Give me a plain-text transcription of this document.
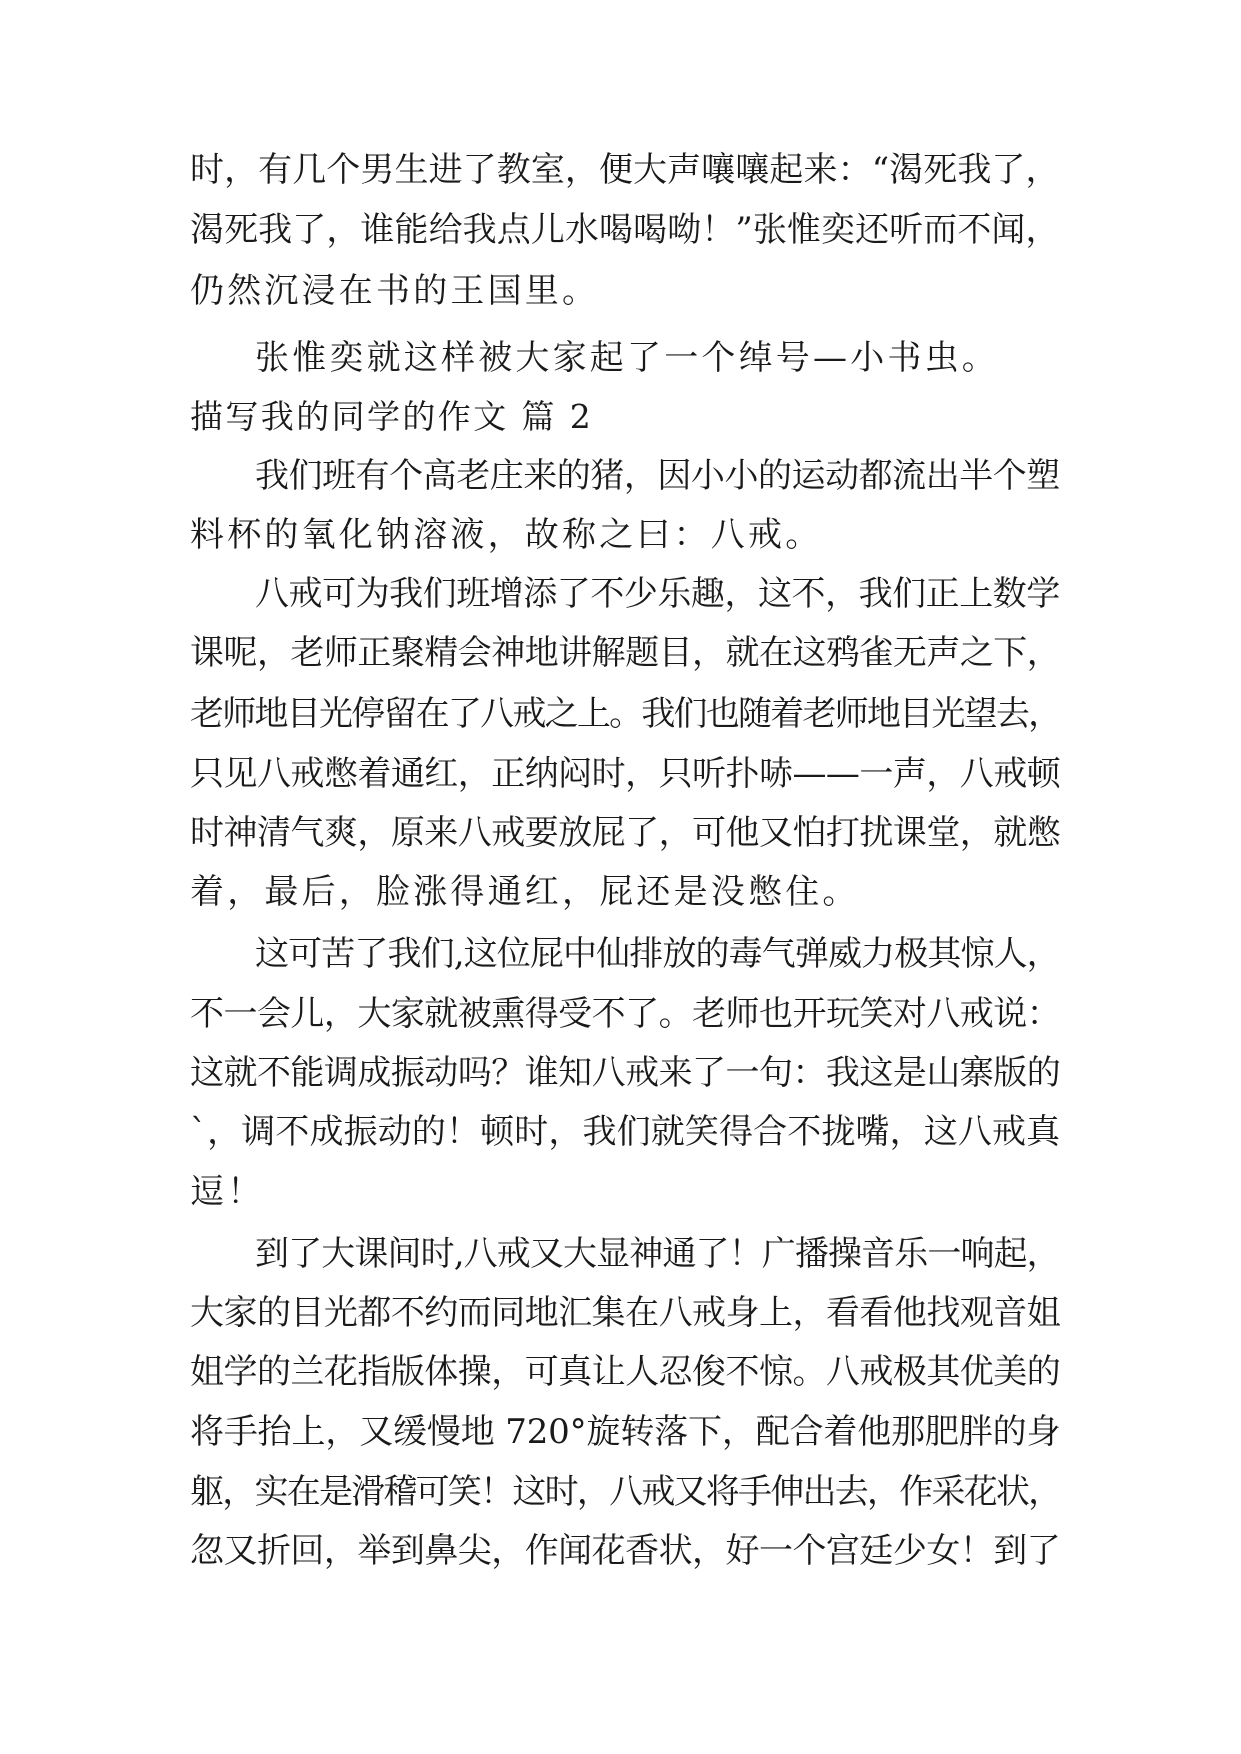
时，有几个男生进了教室，便大声嚷嚷起来：“渴死我了，
渴死我了，谁能给我点儿水喝喝呦！”张惟奕还听而不闻，
仍然沉浸在书的王国里。
张惟奕就这样被大家起了一个绰号—小书虫。
描写我的同学的作文 篇 2
我们班有个高老庄来的猪，因小小的运动都流出半个塑
料杯的氧化钠溶液，故称之曰：八戒。
八戒可为我们班增添了不少乐趣，这不，我们正上数学
课呢，老师正聚精会神地讲解题目，就在这鸦雀无声之下，
老师地目光停留在了八戒之上。我们也随着老师地目光望去，
只见八戒憋着通红，正纳闷时，只听扑哧——一声，八戒顿
时神清气爽，原来八戒要放屁了，可他又怕打扰课堂，就憋
着，最后，脸涨得通红，屁还是没憋住。
这可苦了我们,这位屁中仙排放的毒气弹威力极其惊人，
不一会儿，大家就被熏得受不了。老师也开玩笑对八戒说：
这就不能调成振动吗？谁知八戒来了一句：我这是山寨版的
`，调不成振动的！顿时，我们就笑得合不拢嘴，这八戒真
逗！
到了大课间时,八戒又大显神通了！广播操音乐一响起，
大家的目光都不约而同地汇集在八戒身上，看看他找观音姐
姐学的兰花指版体操，可真让人忍俊不惊。八戒极其优美的
将手抬上，又缓慢地 720°旋转落下，配合着他那肥胖的身
躯，实在是滑稽可笑！这时，八戒又将手伸出去，作采花状，
忽又折回，举到鼻尖，作闻花香状，好一个宫廷少女！到了
